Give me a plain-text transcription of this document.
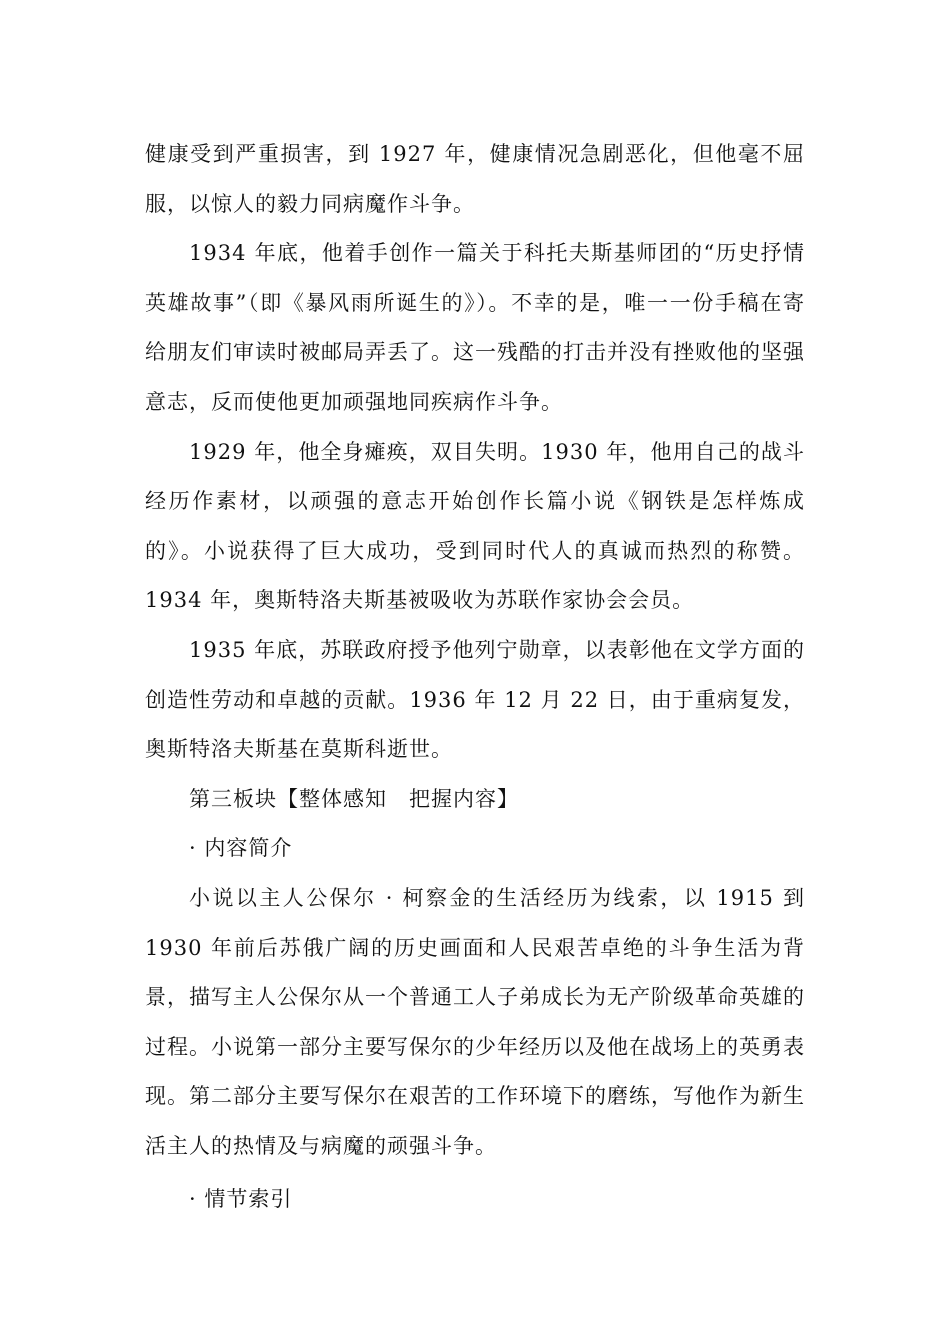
健康受到严重损害，到 1927 年，健康情况急剧恶化，但他毫不屈服，以惊人的毅力同病魔作斗争。

1934 年底，他着手创作一篇关于科托夫斯基师团的“历史抒情英雄故事”（即《暴风雨所诞生的》）。不幸的是，唯一一份手稿在寄给朋友们审读时被邮局弄丢了。这一残酷的打击并没有挫败他的坚强意志，反而使他更加顽强地同疾病作斗争。

1929 年，他全身瘫痪，双目失明。1930 年，他用自己的战斗经历作素材，以顽强的意志开始创作长篇小说《钢铁是怎样炼成的》。小说获得了巨大成功，受到同时代人的真诚而热烈的称赞。1934 年，奥斯特洛夫斯基被吸收为苏联作家协会会员。

1935 年底，苏联政府授予他列宁勋章，以表彰他在文学方面的创造性劳动和卓越的贡献。1936 年 12 月 22 日，由于重病复发，奥斯特洛夫斯基在莫斯科逝世。

第三板块【整体感知　把握内容】

· 内容简介

小说以主人公保尔 · 柯察金的生活经历为线索，以 1915 到 1930 年前后苏俄广阔的历史画面和人民艰苦卓绝的斗争生活为背景，描写主人公保尔从一个普通工人子弟成长为无产阶级革命英雄的过程。小说第一部分主要写保尔的少年经历以及他在战场上的英勇表现。第二部分主要写保尔在艰苦的工作环境下的磨练，写他作为新生活主人的热情及与病魔的顽强斗争。

· 情节索引
